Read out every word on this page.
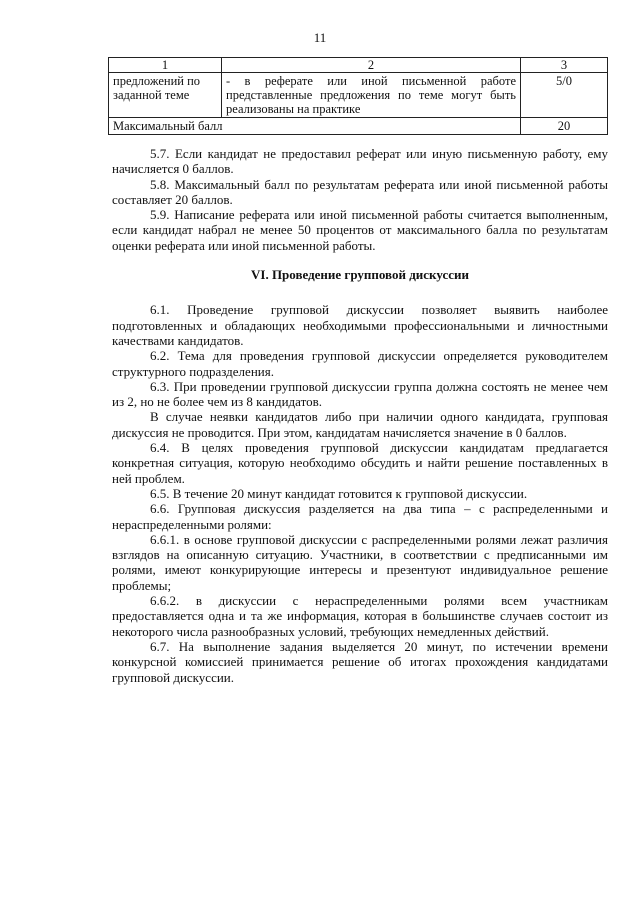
11
1	2	3
предложений по заданной теме	- в реферате или иной письменной работе представленные предложения по теме могут быть реализованы на практике	5/0
Максимальный балл		20

5.7. Если кандидат не предоставил реферат или иную письменную работу, ему начисляется 0 баллов.

5.8. Максимальный балл по результатам реферата или иной письменной работы составляет 20 баллов.

5.9. Написание реферата или иной письменной работы считается выполненным, если кандидат набрал не менее 50 процентов от максимального балла по результатам оценки реферата или иной письменной работы.

VI. Проведение групповой дискуссии

6.1. Проведение групповой дискуссии позволяет выявить наиболее подготовленных и обладающих необходимыми профессиональными и личностными качествами кандидатов.

6.2. Тема для проведения групповой дискуссии определяется руководителем структурного подразделения.

6.3. При проведении групповой дискуссии группа должна состоять не менее чем из 2, но не более чем из 8 кандидатов.

В случае неявки кандидатов либо при наличии одного кандидата, групповая дискуссия не проводится. При этом, кандидатам начисляется значение в 0 баллов.

6.4. В целях проведения групповой дискуссии кандидатам предлагается конкретная ситуация, которую необходимо обсудить и найти решение поставленных в ней проблем.

6.5. В течение 20 минут кандидат готовится к групповой дискуссии.

6.6. Групповая дискуссия разделяется на два типа – с распределенными и нераспределенными ролями:

6.6.1. в основе групповой дискуссии с распределенными ролями лежат различия взглядов на описанную ситуацию. Участники, в соответствии с предписанными им ролями, имеют конкурирующие интересы и презентуют индивидуальное решение проблемы;

6.6.2. в дискуссии с нераспределенными ролями всем участникам предоставляется одна и та же информация, которая в большинстве случаев состоит из некоторого числа разнообразных условий, требующих немедленных действий.

6.7. На выполнение задания выделяется 20 минут, по истечении времени конкурсной комиссией принимается решение об итогах прохождения кандидатами групповой дискуссии.
